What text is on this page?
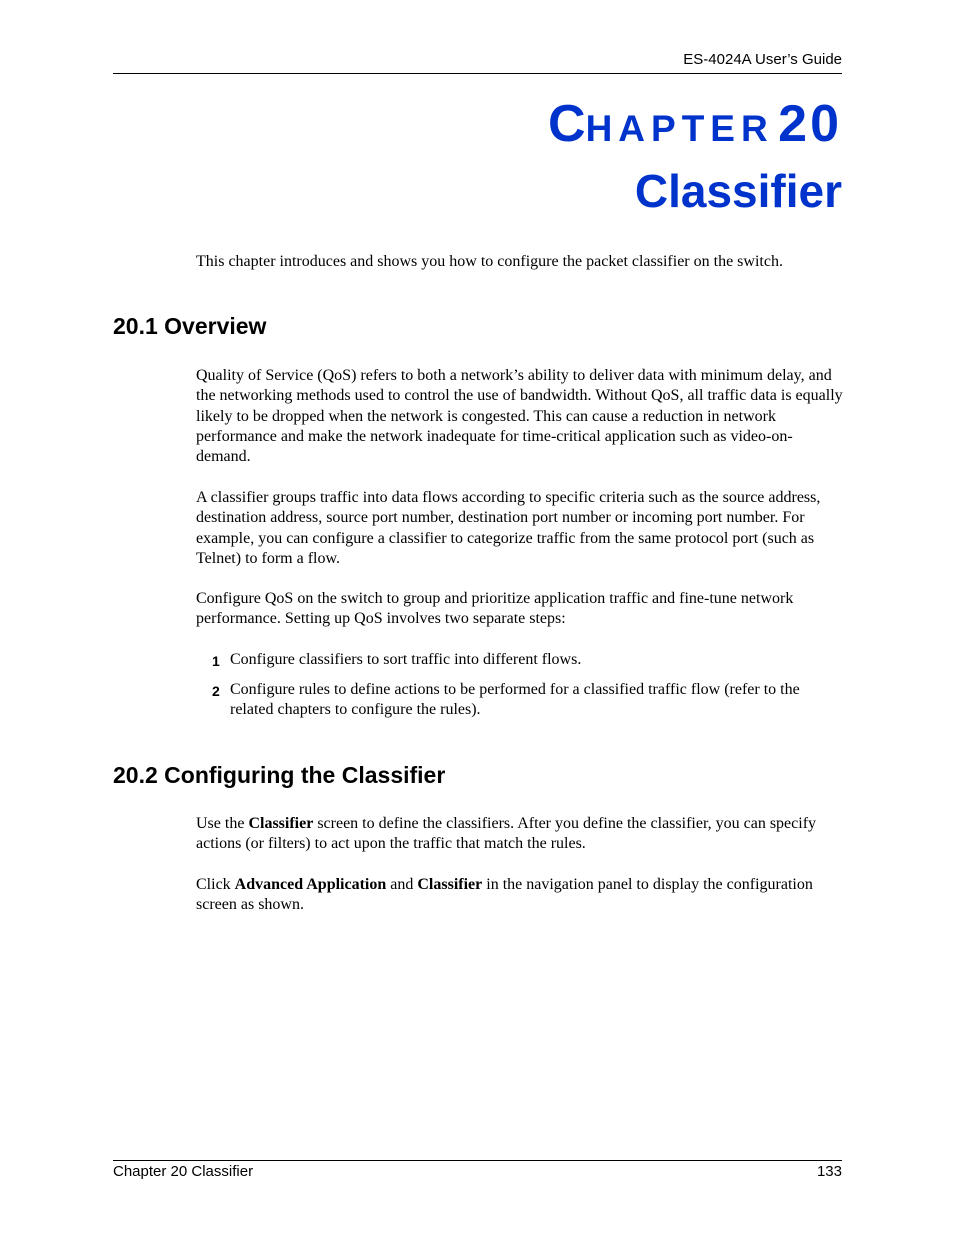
ES-4024A User’s Guide
CHAPTER 20
Classifier
This chapter introduces and shows you how to configure the packet classifier on the switch.
20.1 Overview
Quality of Service (QoS) refers to both a network’s ability to deliver data with minimum delay, and the networking methods used to control the use of bandwidth. Without QoS, all traffic data is equally likely to be dropped when the network is congested. This can cause a reduction in network performance and make the network inadequate for time-critical application such as video-on-demand.
A classifier groups traffic into data flows according to specific criteria such as the source address, destination address, source port number, destination port number or incoming port number. For example, you can configure a classifier to categorize traffic from the same protocol port (such as Telnet) to form a flow.
Configure QoS on the switch to group and prioritize application traffic and fine-tune network performance. Setting up QoS involves two separate steps:
1 Configure classifiers to sort traffic into different flows.
2 Configure rules to define actions to be performed for a classified traffic flow (refer to the related chapters to configure the rules).
20.2 Configuring the Classifier
Use the Classifier screen to define the classifiers. After you define the classifier, you can specify actions (or filters) to act upon the traffic that match the rules.
Click Advanced Application and Classifier in the navigation panel to display the configuration screen as shown.
Chapter 20 Classifier	133
